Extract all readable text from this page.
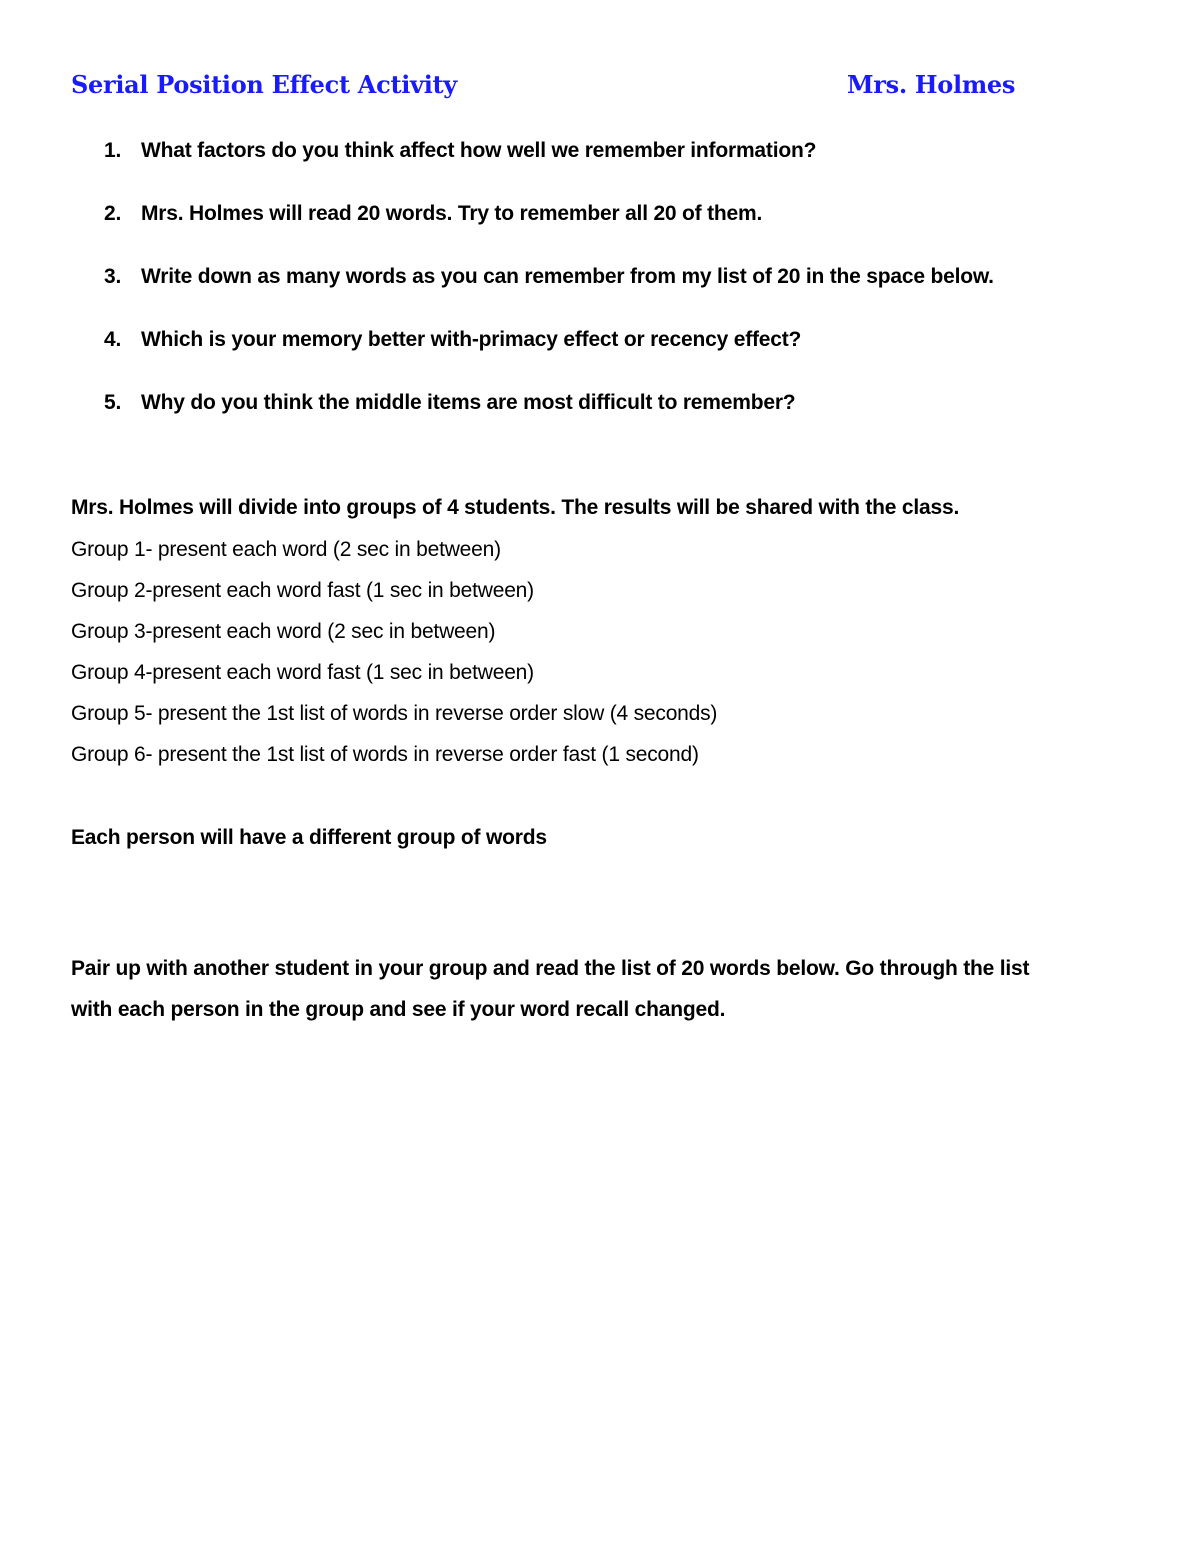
Serial Position Effect Activity	Mrs. Holmes
1. What factors do you think affect how well we remember information?
2. Mrs. Holmes will read 20 words. Try to remember all 20 of them.
3. Write down as many words as you can remember from my list of 20 in the space below.
4. Which is your memory better with-primacy effect or recency effect?
5. Why do you think the middle items are most difficult to remember?
Mrs. Holmes will divide into groups of 4 students. The results will be shared with the class.
Group 1- present each word (2 sec in between)
Group 2-present each word fast (1 sec in between)
Group 3-present each word (2 sec in between)
Group 4-present each word fast (1 sec in between)
Group 5- present the 1st list of words in reverse order slow (4 seconds)
Group 6- present the 1st list of words in reverse order fast (1 second)
Each person will have a different group of words
Pair up with another student in your group and read the list of 20 words below. Go through the list
with each person in the group and see if your word recall changed.
